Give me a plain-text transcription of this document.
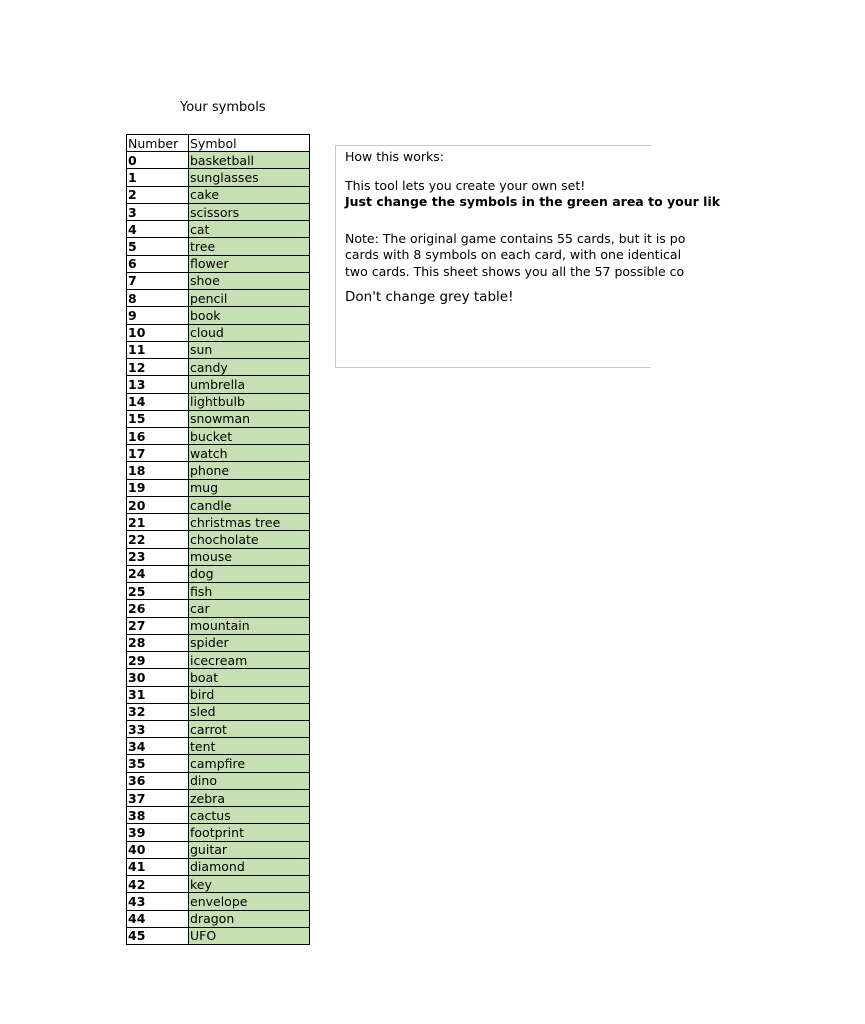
Your symbols
Number	Symbol
0	basketball
1	sunglasses
2	cake
3	scissors
4	cat
5	tree
6	flower
7	shoe
8	pencil
9	book
10	cloud
11	sun
12	candy
13	umbrella
14	lightbulb
15	snowman
16	bucket
17	watch
18	phone
19	mug
20	candle
21	christmas tree
22	chocholate
23	mouse
24	dog
25	fish
26	car
27	mountain
28	spider
29	icecream
30	boat
31	bird
32	sled
33	carrot
34	tent
35	campfire
36	dino
37	zebra
38	cactus
39	footprint
40	guitar
41	diamond
42	key
43	envelope
44	dragon
45	UFO

How this works:

This tool lets you create your own set!

Just change the symbols in the green area to your lik

Note: The original game contains 55 cards, but it is po

cards with 8 symbols on each card, with one identical

two cards. This sheet shows you all the 57 possible co

Don't change grey table!
